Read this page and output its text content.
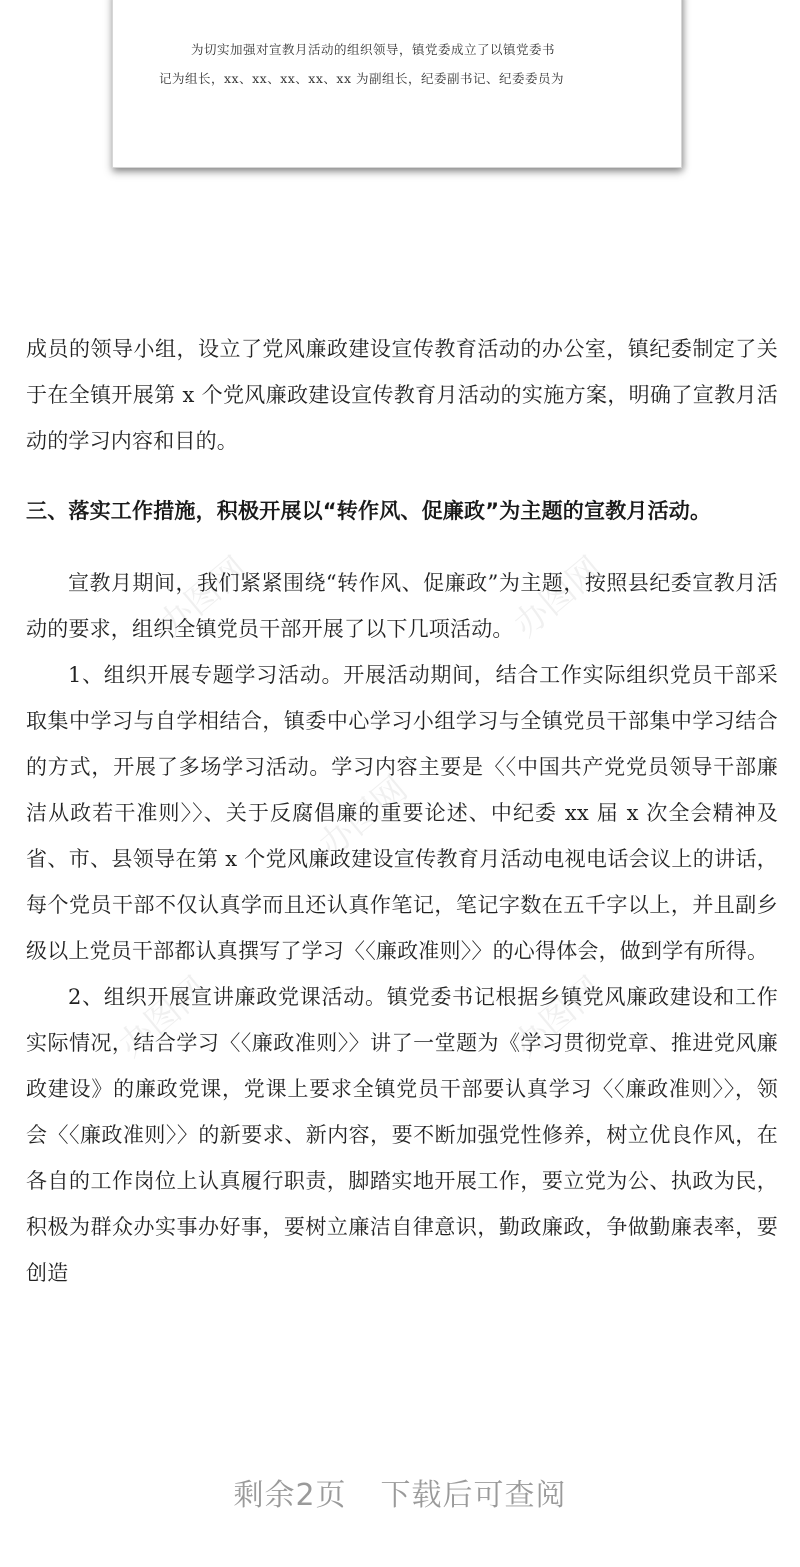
为切实加强对宣教月活动的组织领导，镇党委成立了以镇党委书
记为组长，xx、xx、xx、xx、xx 为副组长，纪委副书记、纪委委员为
办图网	办图网
办图网
办图网	办图网

成员的领导小组，设立了党风廉政建设宣传教育活动的办公室，镇纪委制定了关于在全镇开展第 x 个党风廉政建设宣传教育月活动的实施方案，明确了宣教月活动的学习内容和目的。

三、落实工作措施，积极开展以“转作风、促廉政”为主题的宣教月活动。

宣教月期间，我们紧紧围绕“转作风、促廉政”为主题，按照县纪委宣教月活动的要求，组织全镇党员干部开展了以下几项活动。

1、组织开展专题学习活动。开展活动期间，结合工作实际组织党员干部采取集中学习与自学相结合，镇委中心学习小组学习与全镇党员干部集中学习结合的方式，开展了多场学习活动。学习内容主要是〈〈中国共产党党员领导干部廉洁从政若干准则〉〉、关于反腐倡廉的重要论述、中纪委 xx 届 x 次全会精神及省、市、县领导在第 x 个党风廉政建设宣传教育月活动电视电话会议上的讲话，每个党员干部不仅认真学而且还认真作笔记，笔记字数在五千字以上，并且副乡级以上党员干部都认真撰写了学习〈〈廉政准则〉〉的心得体会，做到学有所得。

2、组织开展宣讲廉政党课活动。镇党委书记根据乡镇党风廉政建设和工作实际情况，结合学习〈〈廉政准则〉〉讲了一堂题为《学习贯彻党章、推进党风廉政建设》的廉政党课，党课上要求全镇党员干部要认真学习〈〈廉政准则〉〉，领会〈〈廉政准则〉〉的新要求、新内容，要不断加强党性修养，树立优良作风，在各自的工作岗位上认真履行职责，脚踏实地开展工作，要立党为公、执政为民，积极为群众办实事办好事，要树立廉洁自律意识，勤政廉政，争做勤廉表率，要创造

剩余2页 下载后可查阅
